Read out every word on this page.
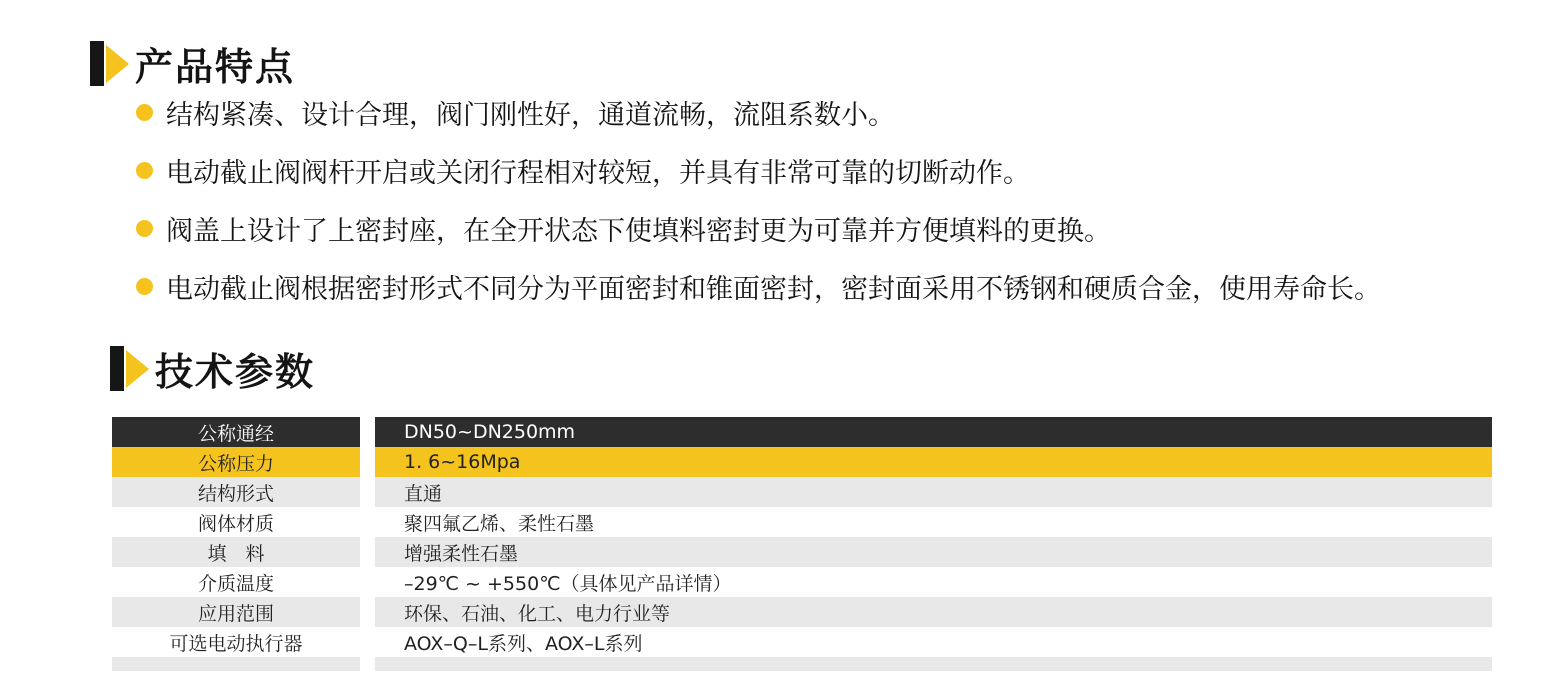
产品特点
结构紧凑、设计合理，阀门刚性好，通道流畅，流阻系数小。
电动截止阀阀杆开启或关闭行程相对较短，并具有非常可靠的切断动作。
阀盖上设计了上密封座，在全开状态下使填料密封更为可靠并方便填料的更换。
电动截止阀根据密封形式不同分为平面密封和锥面密封，密封面采用不锈钢和硬质合金，使用寿命长。
技术参数
公称通经	DN50~DN250mm
公称压力	1. 6~16Mpa
结构形式	直通
阀体材质	聚四氟乙烯、柔性石墨
填　料	增强柔性石墨
介质温度	–29℃ ~ +550℃（具体见产品详情）
应用范围	环保、石油、化工、电力行业等
可选电动执行器	AOX–Q–L系列、AOX–L系列
